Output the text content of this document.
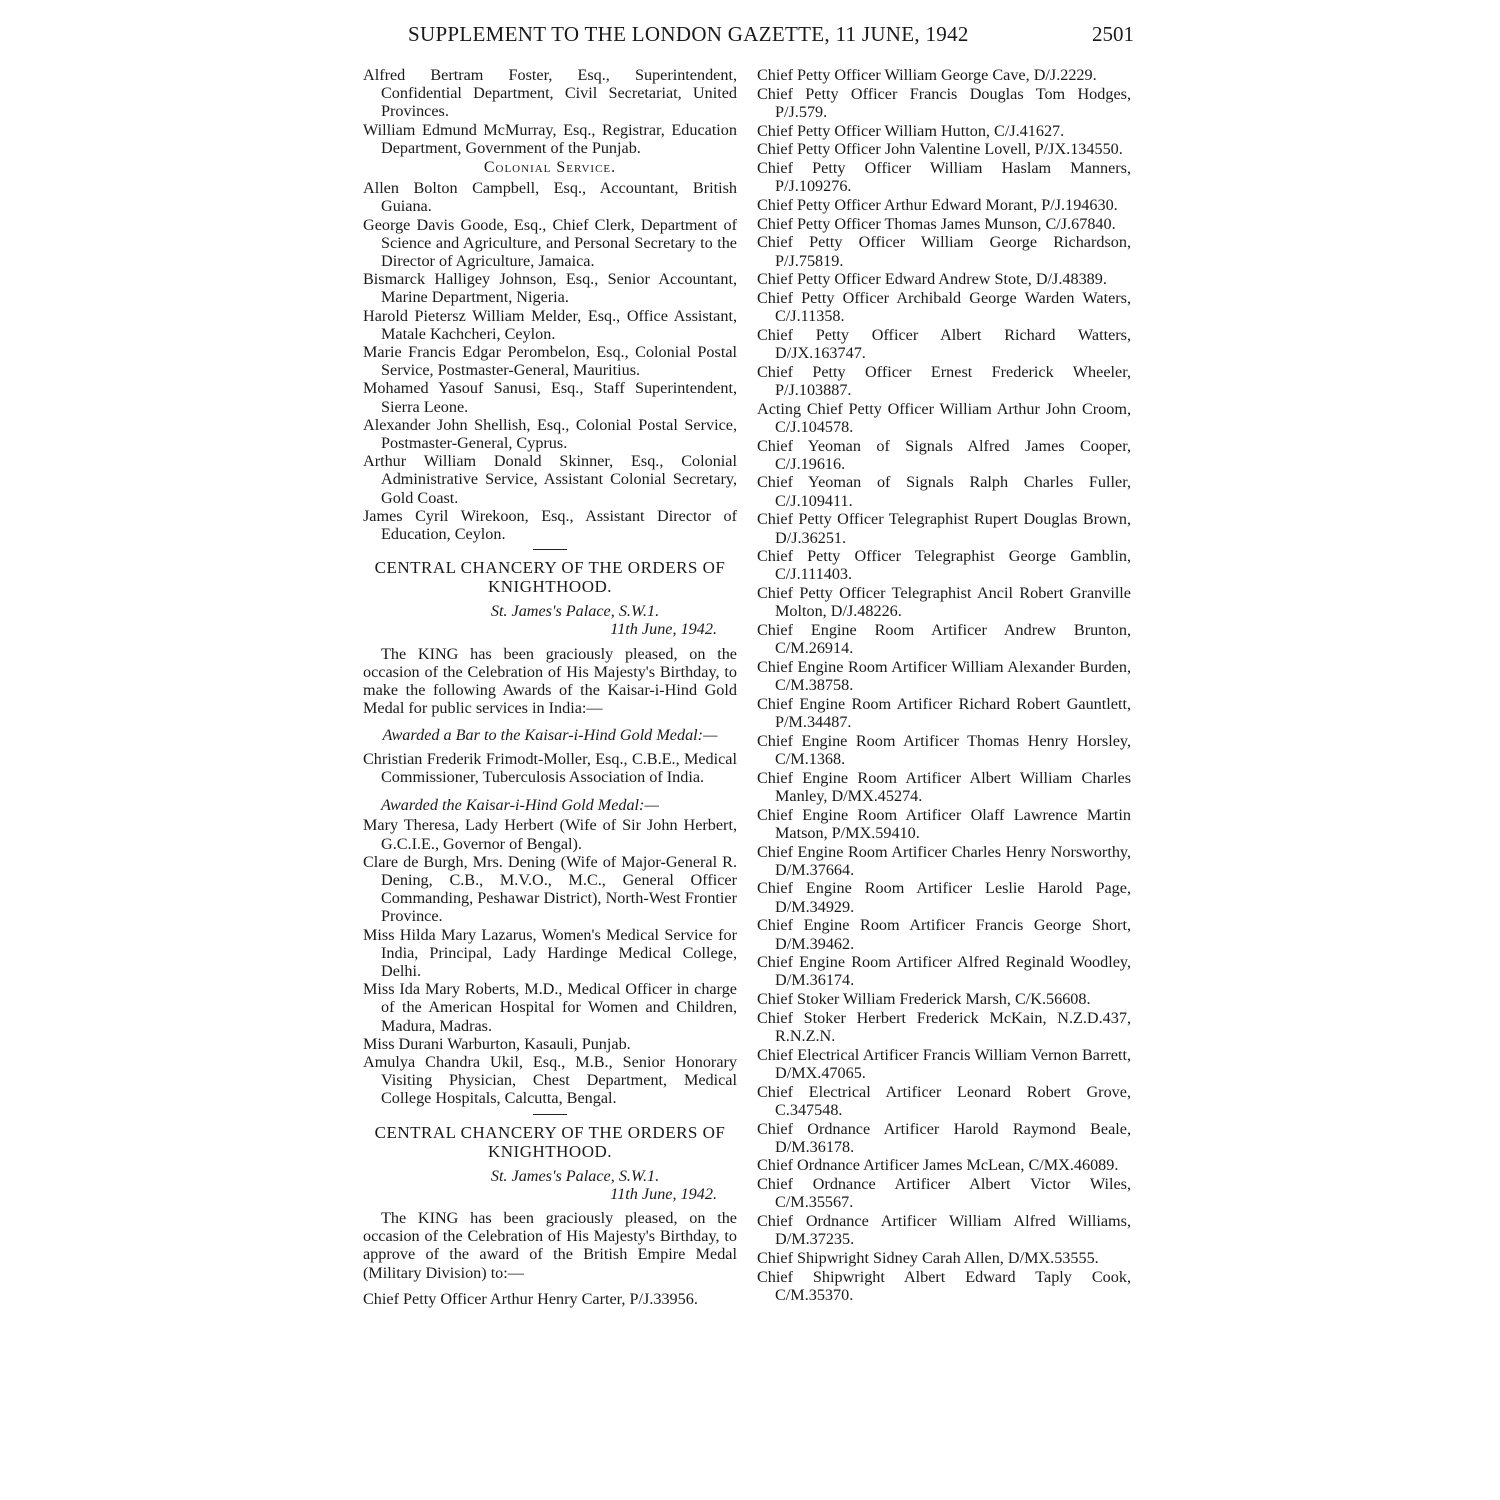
SUPPLEMENT TO THE LONDON GAZETTE, 11 JUNE, 1942	2501
Alfred Bertram Foster, Esq., Superintendent, Confidential Department, Civil Secretariat, United Provinces.
William Edmund McMurray, Esq., Registrar, Education Department, Government of the Punjab.
Colonial Service.
Allen Bolton Campbell, Esq., Accountant, British Guiana.
George Davis Goode, Esq., Chief Clerk, Department of Science and Agriculture, and Personal Secretary to the Director of Agriculture, Jamaica.
Bismarck Halligey Johnson, Esq., Senior Accountant, Marine Department, Nigeria.
Harold Pietersz William Melder, Esq., Office Assistant, Matale Kachcheri, Ceylon.
Marie Francis Edgar Perombelon, Esq., Colonial Postal Service, Postmaster-General, Mauritius.
Mohamed Yasouf Sanusi, Esq., Staff Superintendent, Sierra Leone.
Alexander John Shellish, Esq., Colonial Postal Service, Postmaster-General, Cyprus.
Arthur William Donald Skinner, Esq., Colonial Administrative Service, Assistant Colonial Secretary, Gold Coast.
James Cyril Wirekoon, Esq., Assistant Director of Education, Ceylon.
CENTRAL CHANCERY OF THE ORDERS OF KNIGHTHOOD.
St. James's Palace, S.W.1.
11th June, 1942.
The KING has been graciously pleased, on the occasion of the Celebration of His Majesty's Birthday, to make the following Awards of the Kaisar-i-Hind Gold Medal for public services in India:—
Awarded a Bar to the Kaisar-i-Hind Gold Medal:—
Christian Frederik Frimodt-Moller, Esq., C.B.E., Medical Commissioner, Tuberculosis Association of India.
Awarded the Kaisar-i-Hind Gold Medal:—
Mary Theresa, Lady Herbert (Wife of Sir John Herbert, G.C.I.E., Governor of Bengal).
Clare de Burgh, Mrs. Dening (Wife of Major-General R. Dening, C.B., M.V.O., M.C., General Officer Commanding, Peshawar District), North-West Frontier Province.
Miss Hilda Mary Lazarus, Women's Medical Service for India, Principal, Lady Hardinge Medical College, Delhi.
Miss Ida Mary Roberts, M.D., Medical Officer in charge of the American Hospital for Women and Children, Madura, Madras.
Miss Durani Warburton, Kasauli, Punjab.
Amulya Chandra Ukil, Esq., M.B., Senior Honorary Visiting Physician, Chest Department, Medical College Hospitals, Calcutta, Bengal.
CENTRAL CHANCERY OF THE ORDERS OF KNIGHTHOOD.
St. James's Palace, S.W.1.
11th June, 1942.
The KING has been graciously pleased, on the occasion of the Celebration of His Majesty's Birthday, to approve of the award of the British Empire Medal (Military Division) to:—
Chief Petty Officer Arthur Henry Carter, P/J.33956.
Chief Petty Officer William George Cave, D/J.2229.
Chief Petty Officer Francis Douglas Tom Hodges, P/J.579.
Chief Petty Officer William Hutton, C/J.41627.
Chief Petty Officer John Valentine Lovell, P/JX.134550.
Chief Petty Officer William Haslam Manners, P/J.109276.
Chief Petty Officer Arthur Edward Morant, P/J.194630.
Chief Petty Officer Thomas James Munson, C/J.67840.
Chief Petty Officer William George Richardson, P/J.75819.
Chief Petty Officer Edward Andrew Stote, D/J.48389.
Chief Petty Officer Archibald George Warden Waters, C/J.11358.
Chief Petty Officer Albert Richard Watters, D/JX.163747.
Chief Petty Officer Ernest Frederick Wheeler, P/J.103887.
Acting Chief Petty Officer William Arthur John Croom, C/J.104578.
Chief Yeoman of Signals Alfred James Cooper, C/J.19616.
Chief Yeoman of Signals Ralph Charles Fuller, C/J.109411.
Chief Petty Officer Telegraphist Rupert Douglas Brown, D/J.36251.
Chief Petty Officer Telegraphist George Gamblin, C/J.111403.
Chief Petty Officer Telegraphist Ancil Robert Granville Molton, D/J.48226.
Chief Engine Room Artificer Andrew Brunton, C/M.26914.
Chief Engine Room Artificer William Alexander Burden, C/M.38758.
Chief Engine Room Artificer Richard Robert Gauntlett, P/M.34487.
Chief Engine Room Artificer Thomas Henry Horsley, C/M.1368.
Chief Engine Room Artificer Albert William Charles Manley, D/MX.45274.
Chief Engine Room Artificer Olaff Lawrence Martin Matson, P/MX.59410.
Chief Engine Room Artificer Charles Henry Norsworthy, D/M.37664.
Chief Engine Room Artificer Leslie Harold Page, D/M.34929.
Chief Engine Room Artificer Francis George Short, D/M.39462.
Chief Engine Room Artificer Alfred Reginald Woodley, D/M.36174.
Chief Stoker William Frederick Marsh, C/K.56608.
Chief Stoker Herbert Frederick McKain, N.Z.D.437, R.N.Z.N.
Chief Electrical Artificer Francis William Vernon Barrett, D/MX.47065.
Chief Electrical Artificer Leonard Robert Grove, C.347548.
Chief Ordnance Artificer Harold Raymond Beale, D/M.36178.
Chief Ordnance Artificer James McLean, C/MX.46089.
Chief Ordnance Artificer Albert Victor Wiles, C/M.35567.
Chief Ordnance Artificer William Alfred Williams, D/M.37235.
Chief Shipwright Sidney Carah Allen, D/MX.53555.
Chief Shipwright Albert Edward Taply Cook, C/M.35370.
